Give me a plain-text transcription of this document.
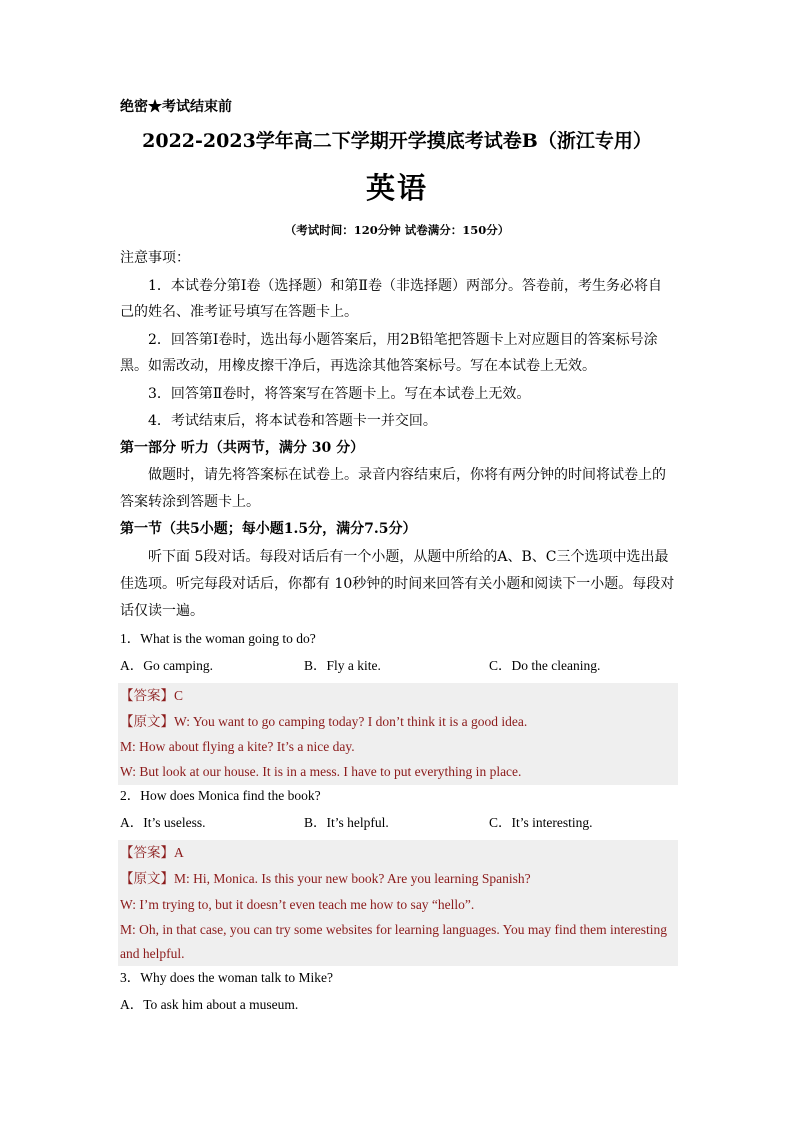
绝密★考试结束前
2022-2023学年高二下学期开学摸底考试卷B（浙江专用）
英语
（考试时间：120分钟 试卷满分：150分）
注意事项：
1．本试卷分第Ⅰ卷（选择题）和第Ⅱ卷（非选择题）两部分。答卷前，考生务必将自
己的姓名、准考证号填写在答题卡上。
2．回答第Ⅰ卷时，选出每小题答案后，用2B铅笔把答题卡上对应题目的答案标号涂
黑。如需改动，用橡皮擦干净后，再选涂其他答案标号。写在本试卷上无效。
3．回答第Ⅱ卷时，将答案写在答题卡上。写在本试卷上无效。
4．考试结束后，将本试卷和答题卡一并交回。
第一部分 听力（共两节，满分 30 分）
做题时，请先将答案标在试卷上。录音内容结束后，你将有两分钟的时间将试卷上的
答案转涂到答题卡上。
第一节（共5小题；每小题1.5分，满分7.5分）
听下面 5段对话。每段对话后有一个小题，从题中所给的A、B、C三个选项中选出最
佳选项。听完每段对话后，你都有 10秒钟的时间来回答有关小题和阅读下一小题。每段对
话仅读一遍。
1．What is the woman going to do?
A．Go camping.	B．Fly a kite.	C．Do the cleaning.
【答案】C
【原文】W: You want to go camping today? I don’t think it is a good idea.
M: How about flying a kite? It’s a nice day.
W: But look at our house. It is in a mess. I have to put everything in place.
2．How does Monica find the book?
A．It’s useless.	B．It’s helpful.	C．It’s interesting.
【答案】A
【原文】M: Hi, Monica. Is this your new book? Are you learning Spanish?
W: I’m trying to, but it doesn’t even teach me how to say “hello”.
M: Oh, in that case, you can try some websites for learning languages. You may find them interesting and helpful.
3．Why does the woman talk to Mike?
A．To ask him about a museum.
